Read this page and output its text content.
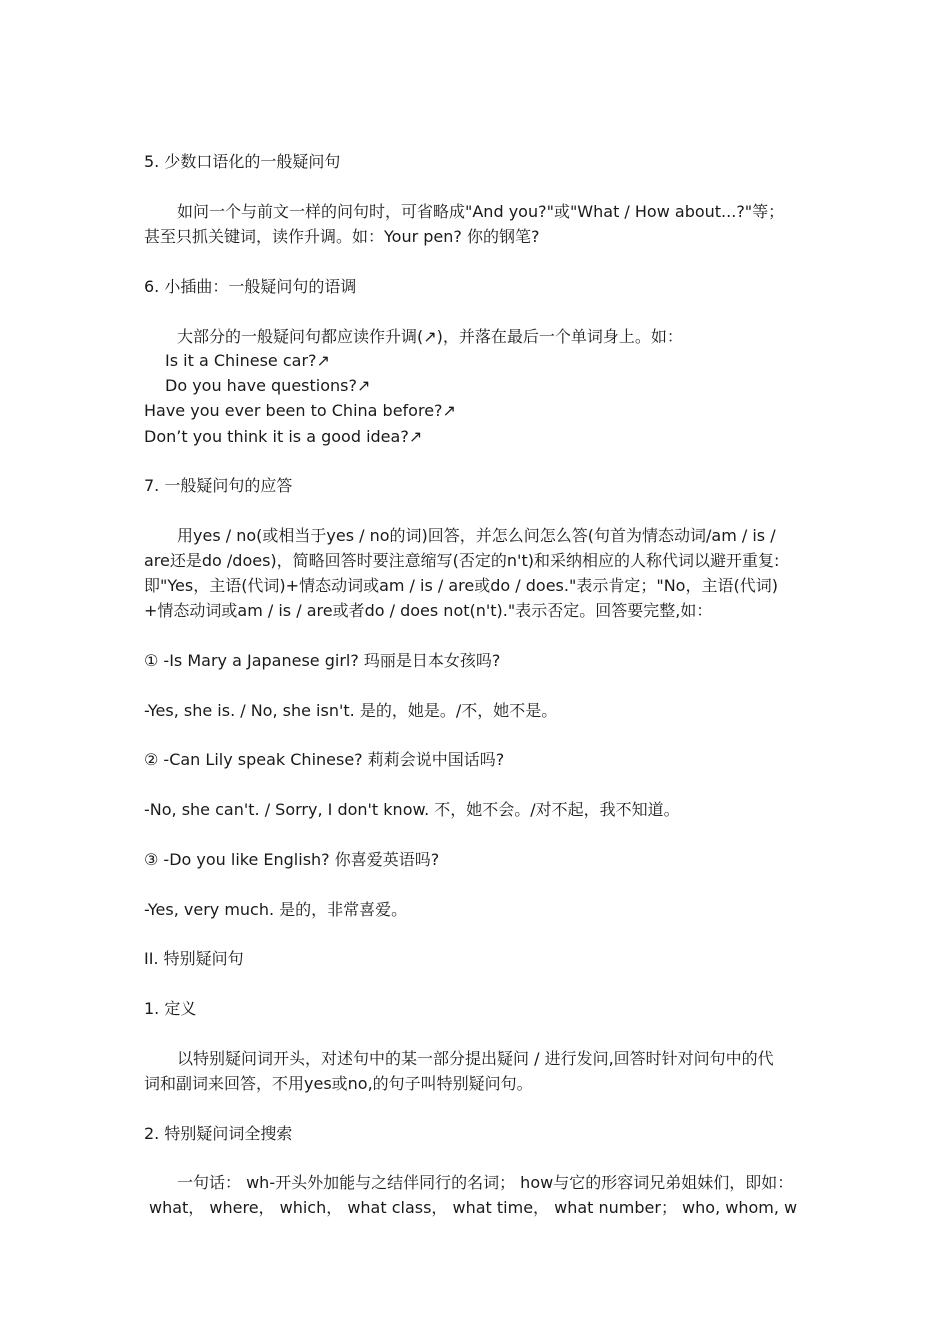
5. 少数口语化的一般疑问句
如问一个与前文一样的问句时，可省略成"And you?"或"What / How about...?"等；
甚至只抓关键词，读作升调。如：Your pen? 你的钢笔?
6. 小插曲：一般疑问句的语调
大部分的一般疑问句都应读作升调(↗)，并落在最后一个单词身上。如：
Is it a Chinese car?↗
Do you have questions?↗
Have you ever been to China before?↗
Don’t you think it is a good idea?↗
7. 一般疑问句的应答
用yes / no(或相当于yes / no的词)回答，并怎么问怎么答(句首为情态动词/am / is /
are还是do /does)，简略回答时要注意缩写(否定的n't)和采纳相应的人称代词以避开重复:
即"Yes，主语(代词)+情态动词或am / is / are或do / does."表示肯定；"No，主语(代词)
+情态动词或am / is / are或者do / does not(n't)."表示否定。回答要完整,如：
① -Is Mary a Japanese girl? 玛丽是日本女孩吗?
-Yes, she is. / No, she isn't. 是的，她是。/不，她不是。
② -Can Lily speak Chinese? 莉莉会说中国话吗?
-No, she can't. / Sorry, I don't know. 不，她不会。/对不起，我不知道。
③ -Do you like English? 你喜爱英语吗?
-Yes, very much. 是的，非常喜爱。
II. 特别疑问句
1. 定义
以特别疑问词开头，对述句中的某一部分提出疑问 / 进行发问,回答时针对问句中的代
词和副词来回答，不用yes或no,的句子叫特别疑问句。
2. 特别疑问词全搜索
一句话： wh-开头外加能与之结伴同行的名词； how与它的形容词兄弟姐妹们，即如：
what， where， which， what class， what time， what number； who, whom, w
